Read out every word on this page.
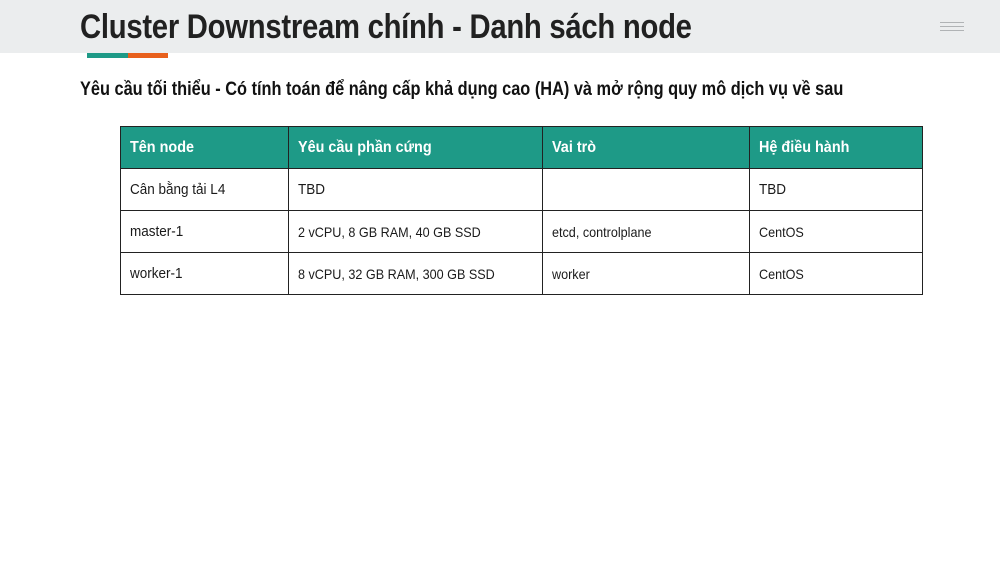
Cluster Downstream chính - Danh sách node

Yêu cầu tối thiểu - Có tính toán để nâng cấp khả dụng cao (HA) và mở rộng quy mô dịch vụ về sau

Tên node	Yêu cầu phần cứng	Vai trò	Hệ điều hành
Cân bằng tải L4	TBD		TBD
master-1	2 vCPU, 8 GB RAM, 40 GB SSD	etcd, controlplane	CentOS
worker-1	8 vCPU, 32 GB RAM, 300 GB SSD	worker	CentOS
